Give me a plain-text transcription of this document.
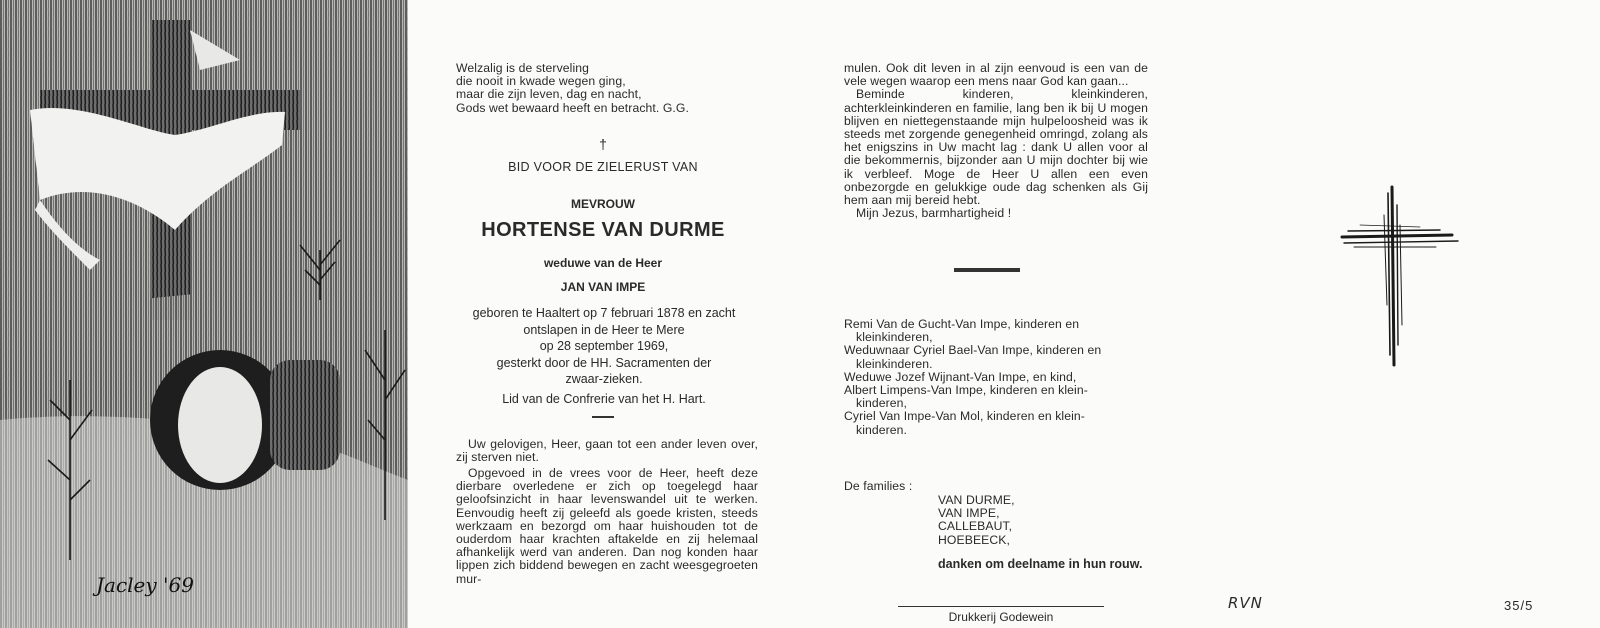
Jacley '69
Welzalig is de sterveling
die nooit in kwade wegen ging,
maar die zijn leven, dag en nacht,
Gods wet bewaard heeft en betracht. G.G.
†
BID VOOR DE ZIELERUST VAN
MEVROUW
HORTENSE VAN DURME
weduwe van de Heer
JAN VAN IMPE
geboren te Haaltert op 7 februari 1878 en zacht
ontslapen in de Heer te Mere
op 28 september 1969,
gesterkt door de HH. Sacramenten der
zwaar-zieken.
Lid van de Confrerie van het H. Hart.

Uw gelovigen, Heer, gaan tot een ander leven over, zij sterven niet.

Opgevoed in de vrees voor de Heer, heeft deze dierbare overledene er zich op toegelegd haar geloofsinzicht in haar levenswandel uit te werken. Eenvoudig heeft zij geleefd als goede kristen, steeds werkzaam en bezorgd om haar huishouden tot de ouderdom haar krachten aftakelde en zij helemaal afhankelijk werd van anderen. Dan nog konden haar lippen zich biddend bewegen en zacht weesgegroeten mur-

mulen. Ook dit leven in al zijn eenvoud is een van de vele wegen waarop een mens naar God kan gaan...

Beminde kinderen, kleinkinderen, achterkleinkinderen en familie, lang ben ik bij U mogen blijven en niettegenstaande mijn hulpeloosheid was ik steeds met zorgende genegenheid omringd, zolang als het enigszins in Uw macht lag : dank U allen voor al die bekommernis, bijzonder aan U mijn dochter bij wie ik verbleef. Moge de Heer U allen een even onbezorgde en gelukkige oude dag schenken als Gij hem aan mij bereid hebt.

Mijn Jezus, barmhartigheid !

Remi Van de Gucht-Van Impe, kinderen en
kleinkinderen,
Weduwnaar Cyriel Bael-Van Impe, kinderen en
kleinkinderen.
Weduwe Jozef Wijnant-Van Impe, en kind,
Albert Limpens-Van Impe, kinderen en klein-
kinderen,
Cyriel Van Impe-Van Mol, kinderen en klein-
kinderen.
De families :
VAN DURME,
VAN IMPE,
CALLEBAUT,
HOEBEECK,
danken om deelname in hun rouw.
Drukkerij Godewein
RVN	35/5
